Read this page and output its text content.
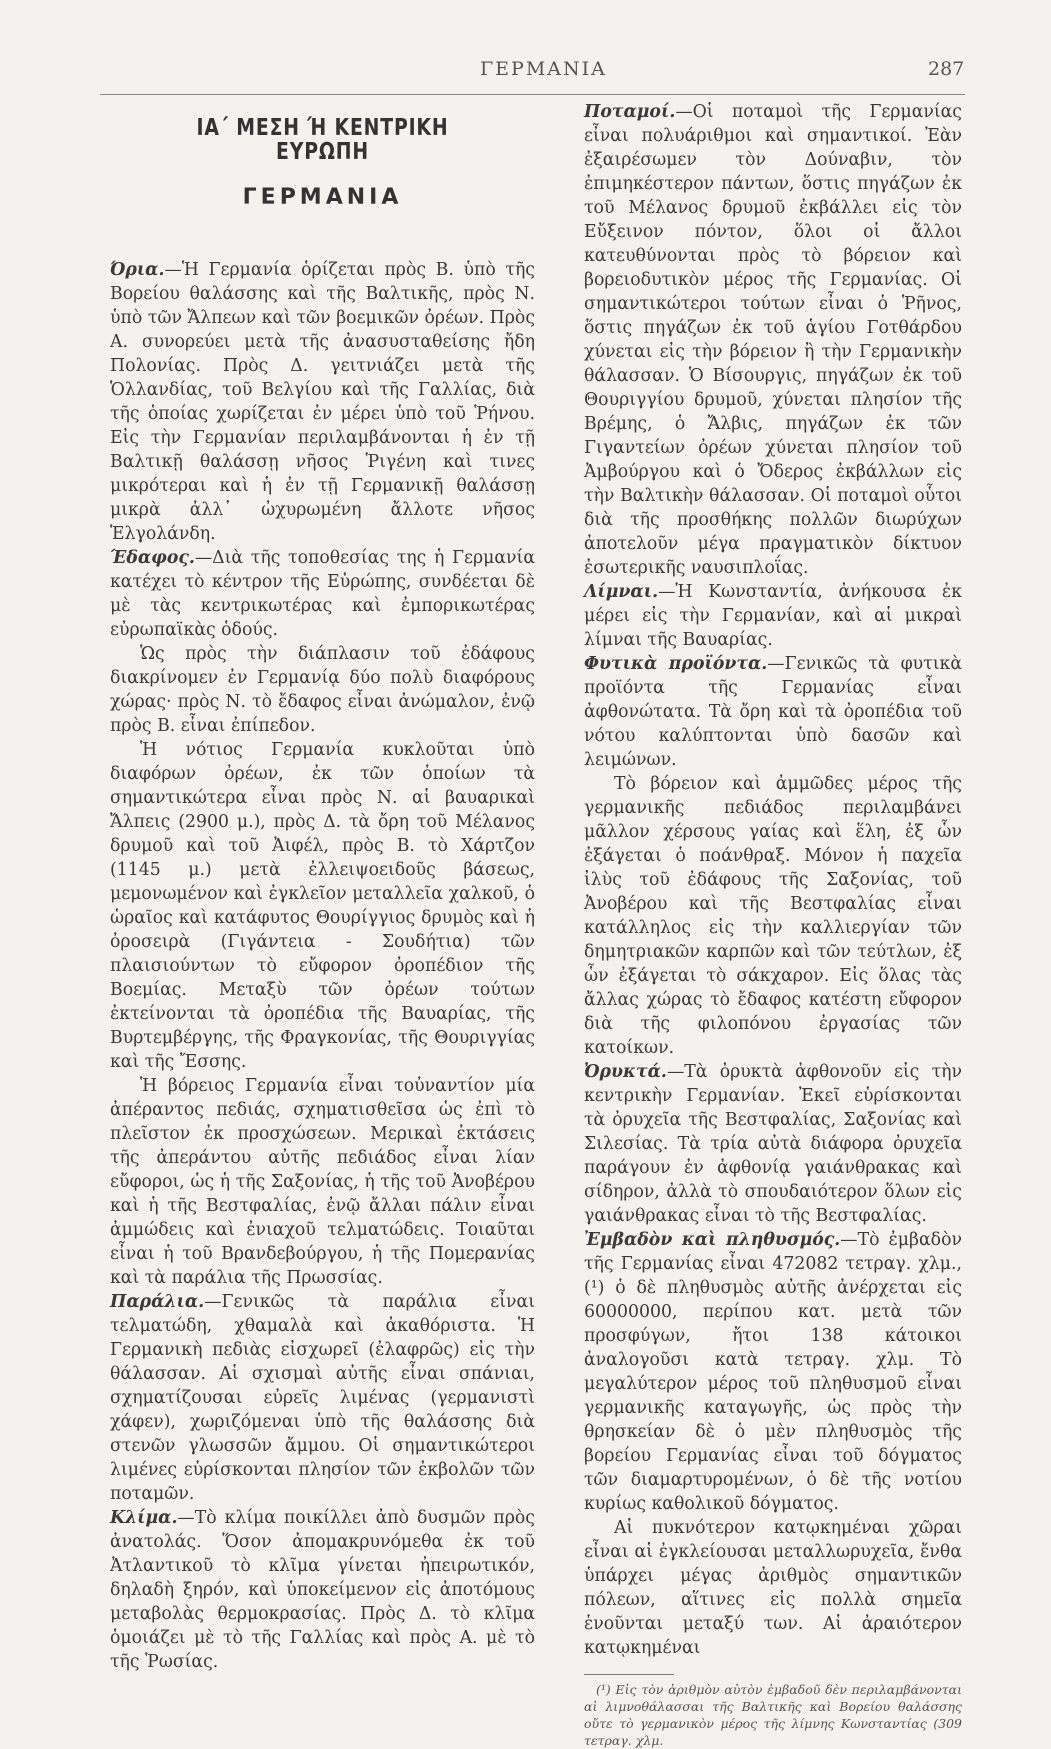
ΓΕΡΜΑΝΙΑ	287
ΙΑ΄ ΜΕΣΗ Ή ΚΕΝΤΡΙΚΗ ΕΥΡΩΠΗ
ΓΕΡΜΑΝΙΑ

Όρια.—Ἡ Γερμανία ὁρίζεται πρὸς Β. ὑπὸ τῆς Βορείου θαλάσσης καὶ τῆς Βαλτικῆς, πρὸς Ν. ὑπὸ τῶν Ἄλπεων καὶ τῶν βοεμικῶν ὀρέων. Πρὸς Α. συνορεύει μετὰ τῆς ἀνασυσταθείσης ἤδη Πολονίας. Πρὸς Δ. γειτνιάζει μετὰ τῆς Ὁλλανδίας, τοῦ Βελγίου καὶ τῆς Γαλλίας, διὰ τῆς ὁποίας χωρίζεται ἐν μέρει ὑπὸ τοῦ Ῥήνου. Εἰς τὴν Γερμανίαν περιλαμβάνονται ἡ ἐν τῇ Βαλτικῇ θαλάσσῃ νῆσος Ῥιγένη καὶ τινες μικρότεραι καὶ ἡ ἐν τῇ Γερμανικῇ θαλάσσῃ μικρὰ ἀλλ᾿ ὠχυρωμένη ἄλλοτε νῆσος Ἑλγολάνδη.

Έδαφος.—Διὰ τῆς τοποθεσίας της ἡ Γερμανία κατέχει τὸ κέντρον τῆς Εὐρώπης, συνδέεται δὲ μὲ τὰς κεντρικωτέρας καὶ ἐμπορικωτέρας εὐρωπαϊκὰς ὁδούς.

Ὡς πρὸς τὴν διάπλασιν τοῦ ἐδάφους διακρίνομεν ἐν Γερμανίᾳ δύο πολὺ διαφόρους χώρας· πρὸς Ν. τὸ ἔδαφος εἶναι ἀνώμαλον, ἐνῷ πρὸς Β. εἶναι ἐπίπεδον.

Ἡ νότιος Γερμανία κυκλοῦται ὑπὸ διαφόρων ὀρέων, ἐκ τῶν ὁποίων τὰ σημαντικώτερα εἶναι πρὸς Ν. αἱ βαυαρικαὶ Ἄλπεις (2900 μ.), πρὸς Δ. τὰ ὄρη τοῦ Μέλανος δρυμοῦ καὶ τοῦ Ἀιφέλ, πρὸς Β. τὸ Χάρτζον (1145 μ.) μετὰ ἐλλειψοειδοῦς βάσεως, μεμονωμένον καὶ ἐγκλεῖον μεταλλεῖα χαλκοῦ, ὁ ὡραῖος καὶ κατάφυτος Θουρίγγιος δρυμὸς καὶ ἡ ὀροσειρὰ (Γιγάντεια - Σουδήτια) τῶν πλαισιούντων τὸ εὔφορον ὀροπέδιον τῆς Βοεμίας. Μεταξὺ τῶν ὀρέων τούτων ἐκτείνονται τὰ ὀροπέδια τῆς Βαυαρίας, τῆς Βυρτεμβέργης, τῆς Φραγκονίας, τῆς Θουριγγίας καὶ τῆς Ἔσσης.

Ἡ βόρειος Γερμανία εἶναι τοὐναντίον μία ἀπέραντος πεδιάς, σχηματισθεῖσα ὡς ἐπὶ τὸ πλεῖστον ἐκ προσχώσεων. Μερικαὶ ἐκτάσεις τῆς ἀπεράντου αὐτῆς πεδιάδος εἶναι λίαν εὔφοροι, ὡς ἡ τῆς Σαξονίας, ἡ τῆς τοῦ Ἀνοβέρου καὶ ἡ τῆς Βεστφαλίας, ἐνῷ ἄλλαι πάλιν εἶναι ἀμμώδεις καὶ ἐνιαχοῦ τελματώδεις. Τοιαῦται εἶναι ἡ τοῦ Βρανδεβούργου, ἡ τῆς Πομερανίας καὶ τὰ παράλια τῆς Πρωσσίας.

Παράλια.—Γενικῶς τὰ παράλια εἶναι τελματώδη, χθαμαλὰ καὶ ἀκαθόριστα. Ἡ Γερμανικὴ πεδιὰς εἰσχωρεῖ (ἐλαφρῶς) εἰς τὴν θάλασσαν. Αἱ σχισμαὶ αὐτῆς εἶναι σπάνιαι, σχηματίζουσαι εὐρεῖς λιμένας (γερμανιστὶ χάφεν), χωριζόμεναι ὑπὸ τῆς θαλάσσης διὰ στενῶν γλωσσῶν ἄμμου. Οἱ σημαντικώτεροι λιμένες εὑρίσκονται πλησίον τῶν ἐκβολῶν τῶν ποταμῶν.

Κλίμα.—Τὸ κλίμα ποικίλλει ἀπὸ δυσμῶν πρὸς ἀνατολάς. Ὅσον ἀπομακρυνόμεθα ἐκ τοῦ Ἀτλαντικοῦ τὸ κλῖμα γίνεται ἠπειρωτικόν, δηλαδὴ ξηρόν, καὶ ὑποκείμενον εἰς ἀποτόμους μεταβολὰς θερμοκρασίας. Πρὸς Δ. τὸ κλῖμα ὁμοιάζει μὲ τὸ τῆς Γαλλίας καὶ πρὸς Α. μὲ τὸ τῆς Ῥωσίας.

Ποταμοί.—Οἱ ποταμοὶ τῆς Γερμανίας εἶναι πολυάριθμοι καὶ σημαντικοί. Ἐὰν ἐξαιρέσωμεν τὸν Δούναβιν, τὸν ἐπιμηκέστερον πάντων, ὅστις πηγάζων ἐκ τοῦ Μέλανος δρυμοῦ ἐκβάλλει εἰς τὸν Εὔξεινον πόντον, ὅλοι οἱ ἄλλοι κατευθύνονται πρὸς τὸ βόρειον καὶ βορειοδυτικὸν μέρος τῆς Γερμανίας. Οἱ σημαντικώτεροι τούτων εἶναι ὁ Ῥῆνος, ὅστις πηγάζων ἐκ τοῦ ἁγίου Γοτθάρδου χύνεται εἰς τὴν βόρειον ἢ τὴν Γερμανικὴν θάλασσαν. Ὁ Βίσουργις, πηγάζων ἐκ τοῦ Θουριγγίου δρυμοῦ, χύνεται πλησίον τῆς Βρέμης, ὁ Ἄλβις, πηγάζων ἐκ τῶν Γιγαντείων ὀρέων χύνεται πλησίον τοῦ Ἀμβούργου καὶ ὁ Ὄδερος ἐκβάλλων εἰς τὴν Βαλτικὴν θάλασσαν. Οἱ ποταμοὶ οὗτοι διὰ τῆς προσθήκης πολλῶν διωρύχων ἀποτελοῦν μέγα πραγματικὸν δίκτυον ἐσωτερικῆς ναυσιπλοΐας.

Λίμναι.—Ἡ Κωνσταντία, ἀνήκουσα ἐκ μέρει εἰς τὴν Γερμανίαν, καὶ αἱ μικραὶ λίμναι τῆς Βαυαρίας.

Φυτικὰ προϊόντα.—Γενικῶς τὰ φυτικὰ προϊόντα τῆς Γερμανίας εἶναι ἀφθονώτατα. Τὰ ὄρη καὶ τὰ ὀροπέδια τοῦ νότου καλύπτονται ὑπὸ δασῶν καὶ λειμώνων.

Τὸ βόρειον καὶ ἀμμῶδες μέρος τῆς γερμανικῆς πεδιάδος περιλαμβάνει μᾶλλον χέρσους γαίας καὶ ἕλη, ἐξ ὧν ἐξάγεται ὁ ποάνθραξ. Μόνον ἡ παχεῖα ἰλὺς τοῦ ἐδάφους τῆς Σαξονίας, τοῦ Ἀνοβέρου καὶ τῆς Βεστφαλίας εἶναι κατάλληλος εἰς τὴν καλλιεργίαν τῶν δημητριακῶν καρπῶν καὶ τῶν τεύτλων, ἐξ ὧν ἐξάγεται τὸ σάκχαρον. Εἰς ὅλας τὰς ἄλλας χώρας τὸ ἔδαφος κατέστη εὔφορον διὰ τῆς φιλοπόνου ἐργασίας τῶν κατοίκων.

Ὀρυκτά.—Τὰ ὀρυκτὰ ἀφθονοῦν εἰς τὴν κεντρικὴν Γερμανίαν. Ἐκεῖ εὑρίσκονται τὰ ὀρυχεῖα τῆς Βεστφαλίας, Σαξονίας καὶ Σιλεσίας. Τὰ τρία αὐτὰ διάφορα ὀρυχεῖα παράγουν ἐν ἀφθονίᾳ γαιάνθρακας καὶ σίδηρον, ἀλλὰ τὸ σπουδαιότερον ὅλων εἰς γαιάνθρακας εἶναι τὸ τῆς Βεστφαλίας.

Ἐμβαδὸν καὶ πληθυσμός.—Τὸ ἐμβαδὸν τῆς Γερμανίας εἶναι 472082 τετραγ. χλμ., (¹) ὁ δὲ πληθυσμὸς αὐτῆς ἀνέρχεται εἰς 60000000, περίπου κατ. μετὰ τῶν προσφύγων, ἤτοι 138 κάτοικοι ἀναλογοῦσι κατὰ τετραγ. χλμ. Τὸ μεγαλύτερον μέρος τοῦ πληθυσμοῦ εἶναι γερμανικῆς καταγωγῆς, ὡς πρὸς τὴν θρησκείαν δὲ ὁ μὲν πληθυσμὸς τῆς βορείου Γερμανίας εἶναι τοῦ δόγματος τῶν διαμαρτυρομένων, ὁ δὲ τῆς νοτίου κυρίως καθολικοῦ δόγματος.

Αἱ πυκνότερον κατῳκημέναι χῶραι εἶναι αἱ ἐγκλείουσαι μεταλλωρυχεῖα, ἔνθα ὑπάρχει μέγας ἀριθμὸς σημαντικῶν πόλεων, αἵτινες εἰς πολλὰ σημεῖα ἑνοῦνται μεταξύ των. Αἱ ἀραιότερον κατῳκημέναι

(¹) Εἰς τὸν ἀριθμὸν αὐτὸν ἐμβαδοῦ δὲν περιλαμβάνονται αἱ λιμνοθάλασσαι τῆς Βαλτικῆς καὶ Βορείου θαλάσσης οὔτε τὸ γερμανικὸν μέρος τῆς λίμνης Κωνσταντίας (309 τετραγ. χλμ.
